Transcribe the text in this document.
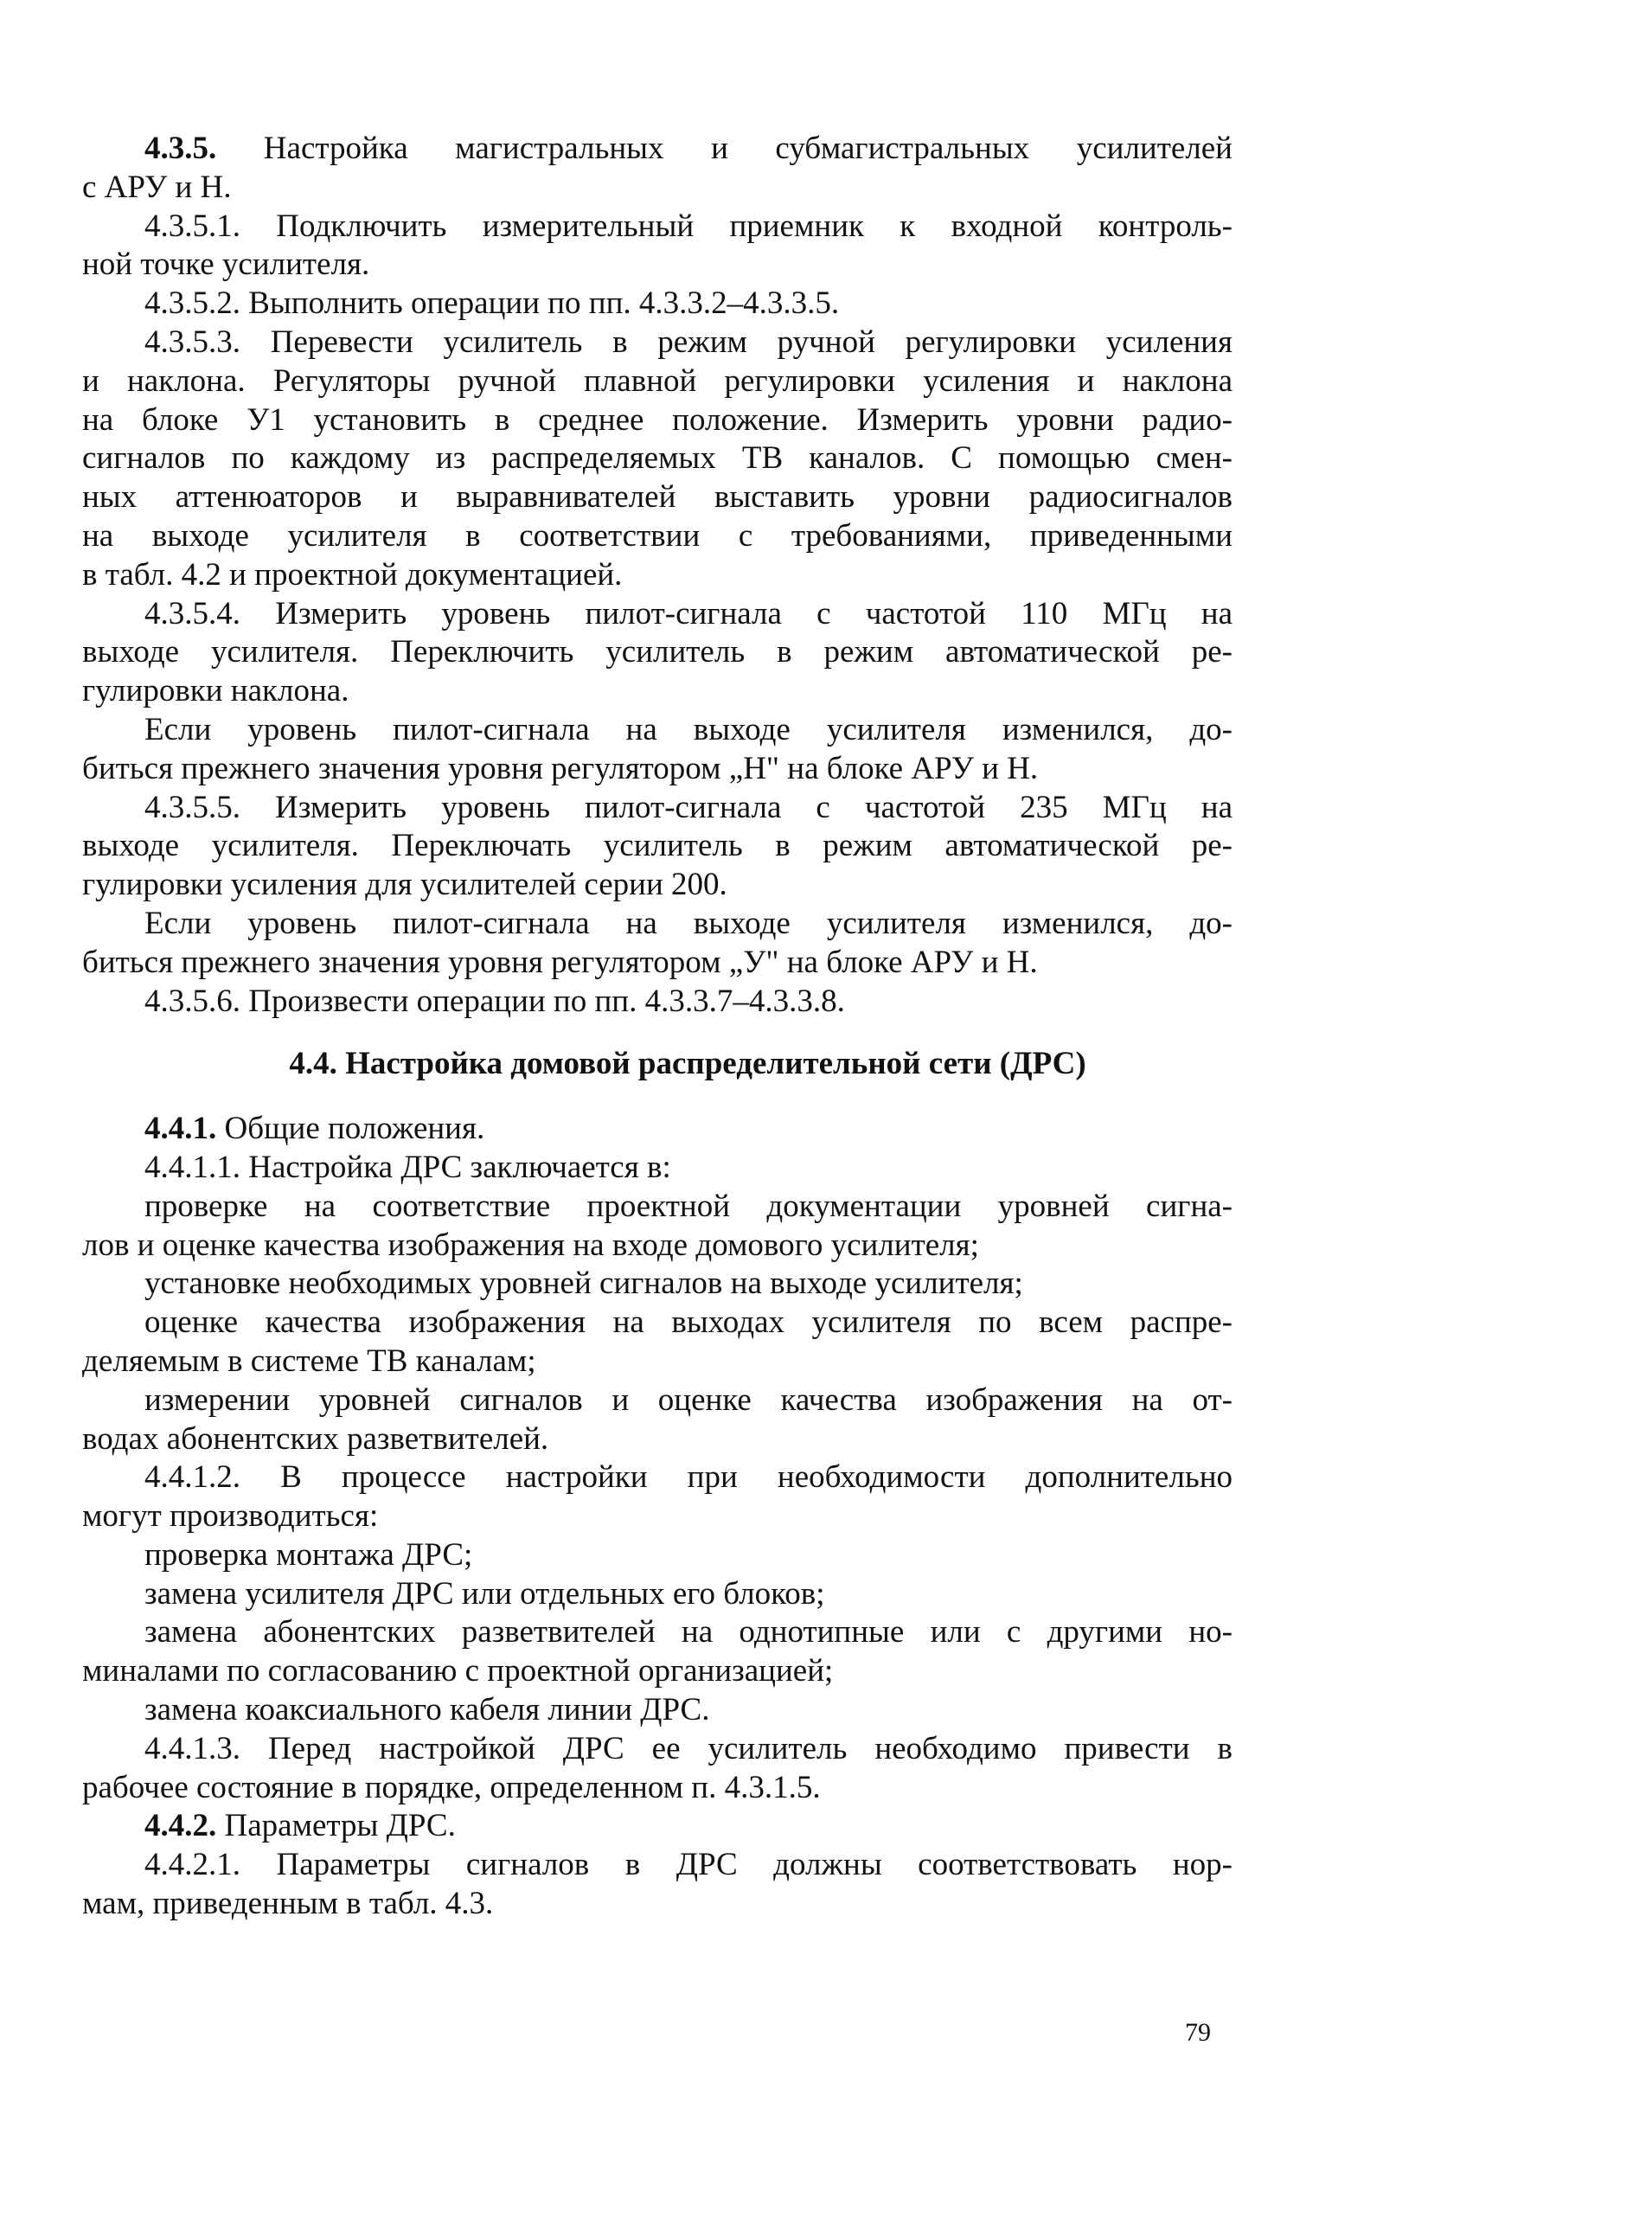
4.3.5. Настройка магистральных и субмагистральных усилителей
с АРУ и Н.
4.3.5.1. Подключить измерительный приемник к входной контроль-
ной точке усилителя.
4.3.5.2. Выполнить операции по пп. 4.3.3.2–4.3.3.5.
4.3.5.3. Перевести усилитель в режим ручной регулировки усиления
и наклона. Регуляторы ручной плавной регулировки усиления и наклона
на блоке У1 установить в среднее положение. Измерить уровни радио-
сигналов по каждому из распределяемых ТВ каналов. С помощью смен-
ных аттенюаторов и выравнивателей выставить уровни радиосигналов
на выходе усилителя в соответствии с требованиями, приведенными
в табл. 4.2 и проектной документацией.
4.3.5.4. Измерить уровень пилот-сигнала с частотой 110 МГц на
выходе усилителя. Переключить усилитель в режим автоматической ре-
гулировки наклона.
Если уровень пилот-сигнала на выходе усилителя изменился, до-
биться прежнего значения уровня регулятором „Н" на блоке АРУ и Н.
4.3.5.5. Измерить уровень пилот-сигнала с частотой 235 МГц на
выходе усилителя. Переключать усилитель в режим автоматической ре-
гулировки усиления для усилителей серии 200.
Если уровень пилот-сигнала на выходе усилителя изменился, до-
биться прежнего значения уровня регулятором „У" на блоке АРУ и Н.
4.3.5.6. Произвести операции по пп. 4.3.3.7–4.3.3.8.
4.4. Настройка домовой распределительной сети (ДРС)
4.4.1. Общие положения.
4.4.1.1. Настройка ДРС заключается в:
проверке на соответствие проектной документации уровней сигна-
лов и оценке качества изображения на входе домового усилителя;
установке необходимых уровней сигналов на выходе усилителя;
оценке качества изображения на выходах усилителя по всем распре-
деляемым в системе ТВ каналам;
измерении уровней сигналов и оценке качества изображения на от-
водах абонентских разветвителей.
4.4.1.2. В процессе настройки при необходимости дополнительно
могут производиться:
проверка монтажа ДРС;
замена усилителя ДРС или отдельных его блоков;
замена абонентских разветвителей на однотипные или с другими но-
миналами по согласованию с проектной организацией;
замена коаксиального кабеля линии ДРС.
4.4.1.3. Перед настройкой ДРС ее усилитель необходимо привести в
рабочее состояние в порядке, определенном п. 4.3.1.5.
4.4.2. Параметры ДРС.
4.4.2.1. Параметры сигналов в ДРС должны соответствовать нор-
мам, приведенным в табл. 4.3.
79
